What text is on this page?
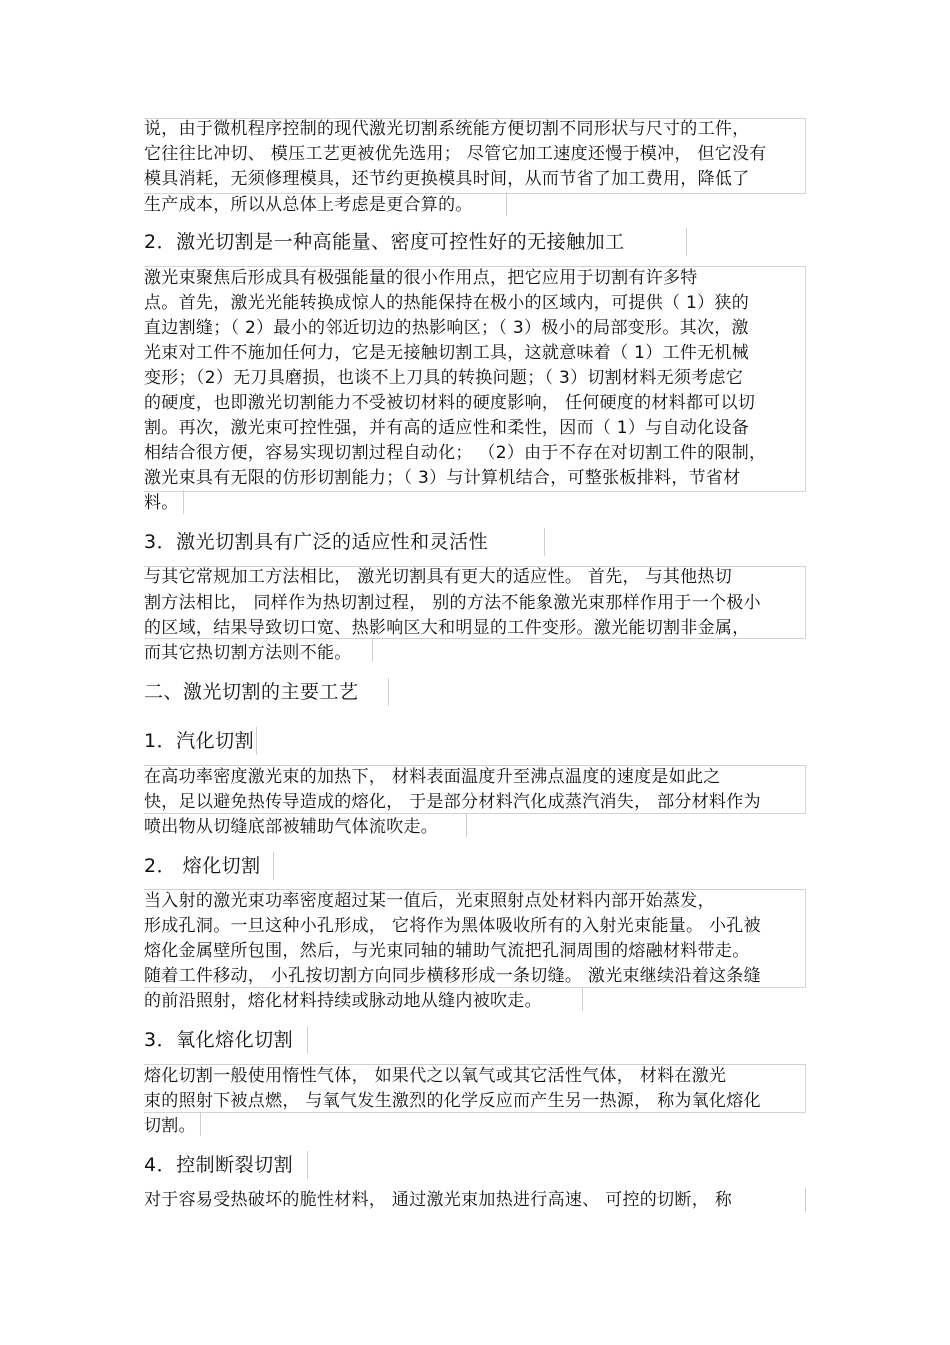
说，由于微机程序控制的现代激光切割系统能方便切割不同形状与尺寸的工件，
它往往比冲切、 模压工艺更被优先选用； 尽管它加工速度还慢于模冲， 但它没有
模具消耗，无须修理模具，还节约更换模具时间，从而节省了加工费用，降低了
生产成本，所以从总体上考虑是更合算的。
2．激光切割是一种高能量、密度可控性好的无接触加工
激光束聚焦后形成具有极强能量的很小作用点，把它应用于切割有许多特
点。首先，激光光能转换成惊人的热能保持在极小的区域内，可提供（ 1）狭的
直边割缝；（ 2）最小的邻近切边的热影响区；（ 3）极小的局部变形。其次，激
光束对工件不施加任何力，它是无接触切割工具，这就意味着（ 1）工件无机械
变形；（2）无刀具磨损，也谈不上刀具的转换问题；（ 3）切割材料无须考虑它
的硬度，也即激光切割能力不受被切材料的硬度影响， 任何硬度的材料都可以切
割。再次，激光束可控性强，并有高的适应性和柔性，因而（ 1）与自动化设备
相结合很方便，容易实现切割过程自动化； （2）由于不存在对切割工件的限制，
激光束具有无限的仿形切割能力；（ 3）与计算机结合，可整张板排料，节省材
料。
3．激光切割具有广泛的适应性和灵活性
与其它常规加工方法相比， 激光切割具有更大的适应性。 首先， 与其他热切
割方法相比， 同样作为热切割过程， 别的方法不能象激光束那样作用于一个极小
的区域，结果导致切口宽、热影响区大和明显的工件变形。激光能切割非金属，
而其它热切割方法则不能。
二、激光切割的主要工艺
1．汽化切割
在高功率密度激光束的加热下， 材料表面温度升至沸点温度的速度是如此之
快，足以避免热传导造成的熔化， 于是部分材料汽化成蒸汽消失， 部分材料作为
喷出物从切缝底部被辅助气体流吹走。
2． 熔化切割
当入射的激光束功率密度超过某一值后，光束照射点处材料内部开始蒸发，
形成孔洞。一旦这种小孔形成， 它将作为黑体吸收所有的入射光束能量。 小孔被
熔化金属壁所包围，然后，与光束同轴的辅助气流把孔洞周围的熔融材料带走。
随着工件移动， 小孔按切割方向同步横移形成一条切缝。 激光束继续沿着这条缝
的前沿照射，熔化材料持续或脉动地从缝内被吹走。
3．氧化熔化切割
熔化切割一般使用惰性气体， 如果代之以氧气或其它活性气体， 材料在激光
束的照射下被点燃， 与氧气发生激烈的化学反应而产生另一热源， 称为氧化熔化
切割。
4．控制断裂切割
对于容易受热破坏的脆性材料， 通过激光束加热进行高速、 可控的切断， 称
